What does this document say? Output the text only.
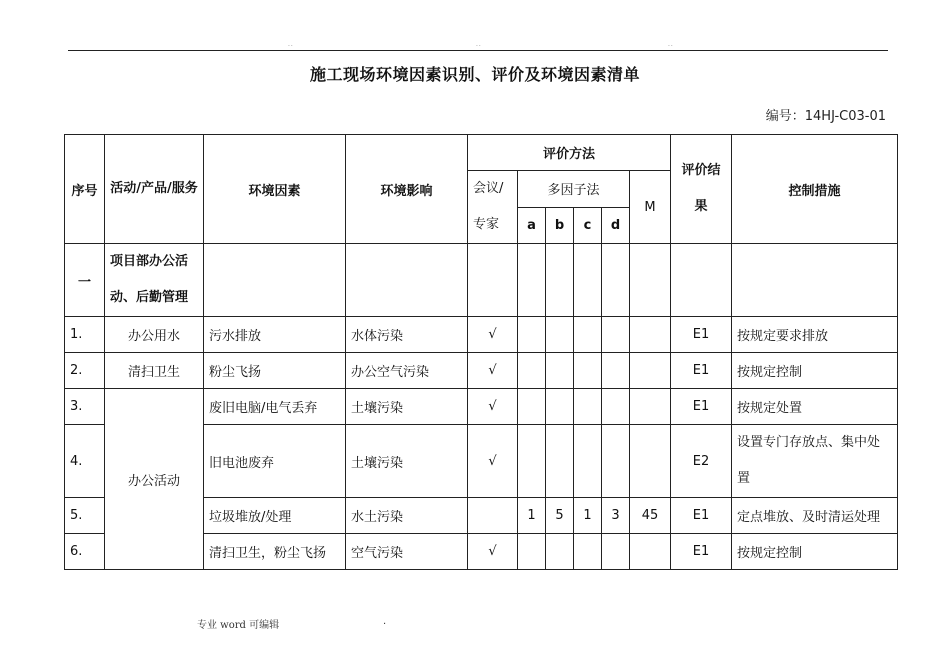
..	..	..
施工现场环境因素识别、评价及环境因素清单
编号：14HJ-C03-01
序号	活动/产品/服务	环境因素	环境影响	评价方法						评价结果	控制措施
				会议/专家	多因子法				M		
					a	b	c	d			
一	项目部办公活动、后勤管理										
1.	办公用水	污水排放	水体污染	√						E1	按规定要求排放
2.	清扫卫生	粉尘飞扬	办公空气污染	√						E1	按规定控制
3.	办公活动	废旧电脑/电气丢弃	土壤污染	√						E1	按规定处置
4.		旧电池废弃	土壤污染	√						E2	设置专门存放点、集中处置
5.		垃圾堆放/处理	水土污染		1	5	1	3	45	E1	定点堆放、及时清运处理
6.		清扫卫生，粉尘飞扬	空气污染	√						E1	按规定控制
专业 word 可编辑	.
